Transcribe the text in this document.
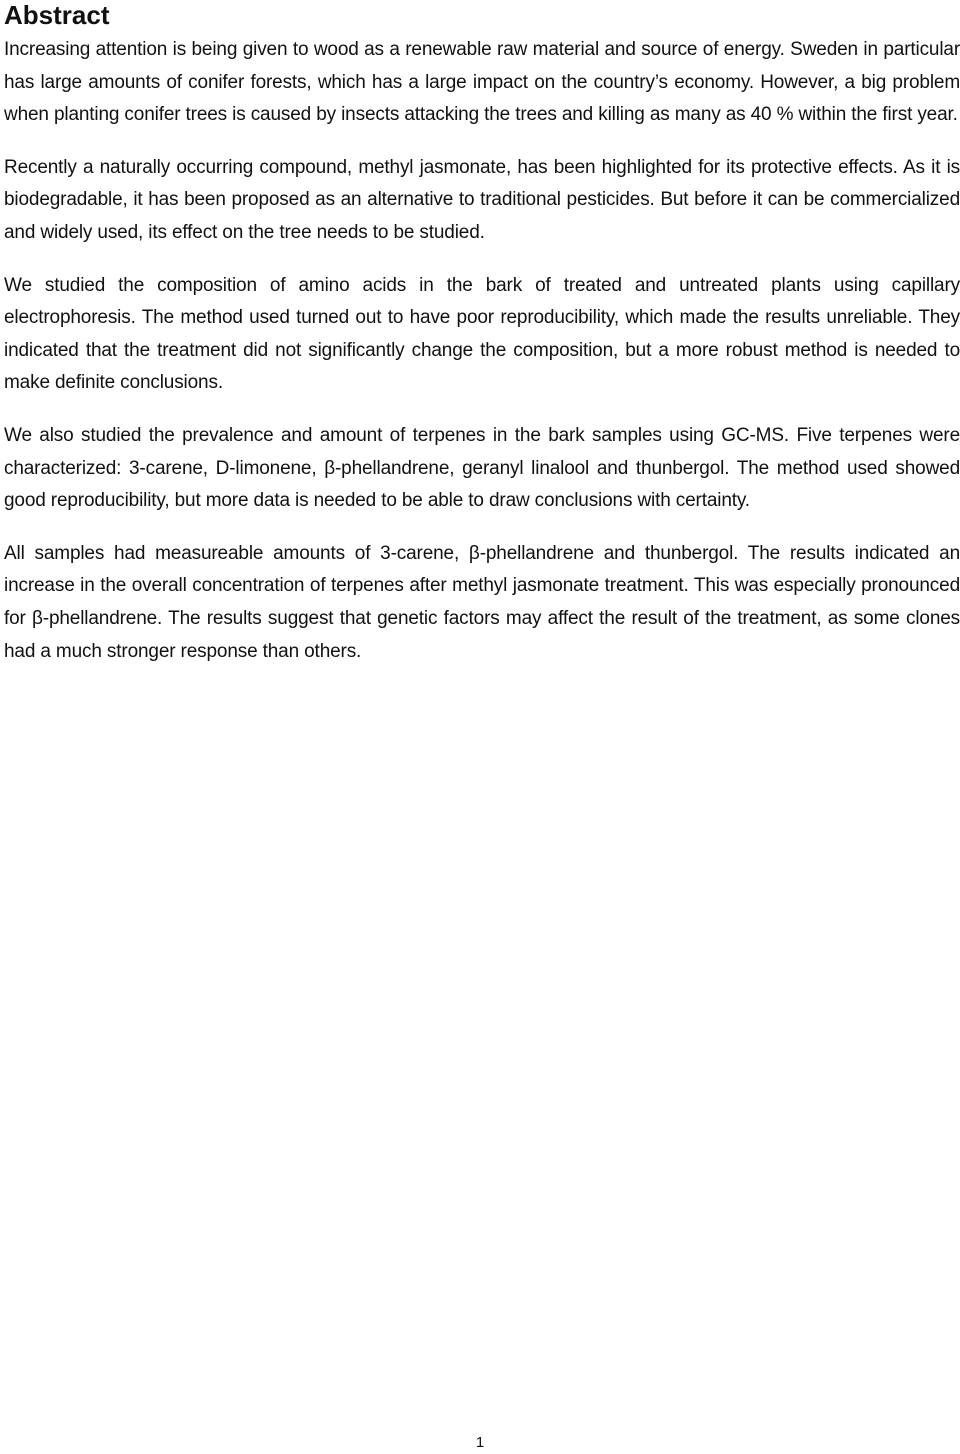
Abstract

Increasing attention is being given to wood as a renewable raw material and source of energy. Sweden in particular has large amounts of conifer forests, which has a large impact on the country’s economy. However, a big problem when planting conifer trees is caused by insects attacking the trees and killing as many as 40 % within the first year.

Recently a naturally occurring compound, methyl jasmonate, has been highlighted for its protective effects. As it is biodegradable, it has been proposed as an alternative to traditional pesticides. But before it can be commercialized and widely used, its effect on the tree needs to be studied.

We studied the composition of amino acids in the bark of treated and untreated plants using capillary electrophoresis. The method used turned out to have poor reproducibility, which made the results unreliable. They indicated that the treatment did not significantly change the composition, but a more robust method is needed to make definite conclusions.

We also studied the prevalence and amount of terpenes in the bark samples using GC-MS. Five terpenes were characterized: 3-carene, D-limonene, β-phellandrene, geranyl linalool and thunbergol. The method used showed good reproducibility, but more data is needed to be able to draw conclusions with certainty.

All samples had measureable amounts of 3-carene, β-phellandrene and thunbergol. The results indicated an increase in the overall concentration of terpenes after methyl jasmonate treatment. This was especially pronounced for β-phellandrene. The results suggest that genetic factors may affect the result of the treatment, as some clones had a much stronger response than others.

1
